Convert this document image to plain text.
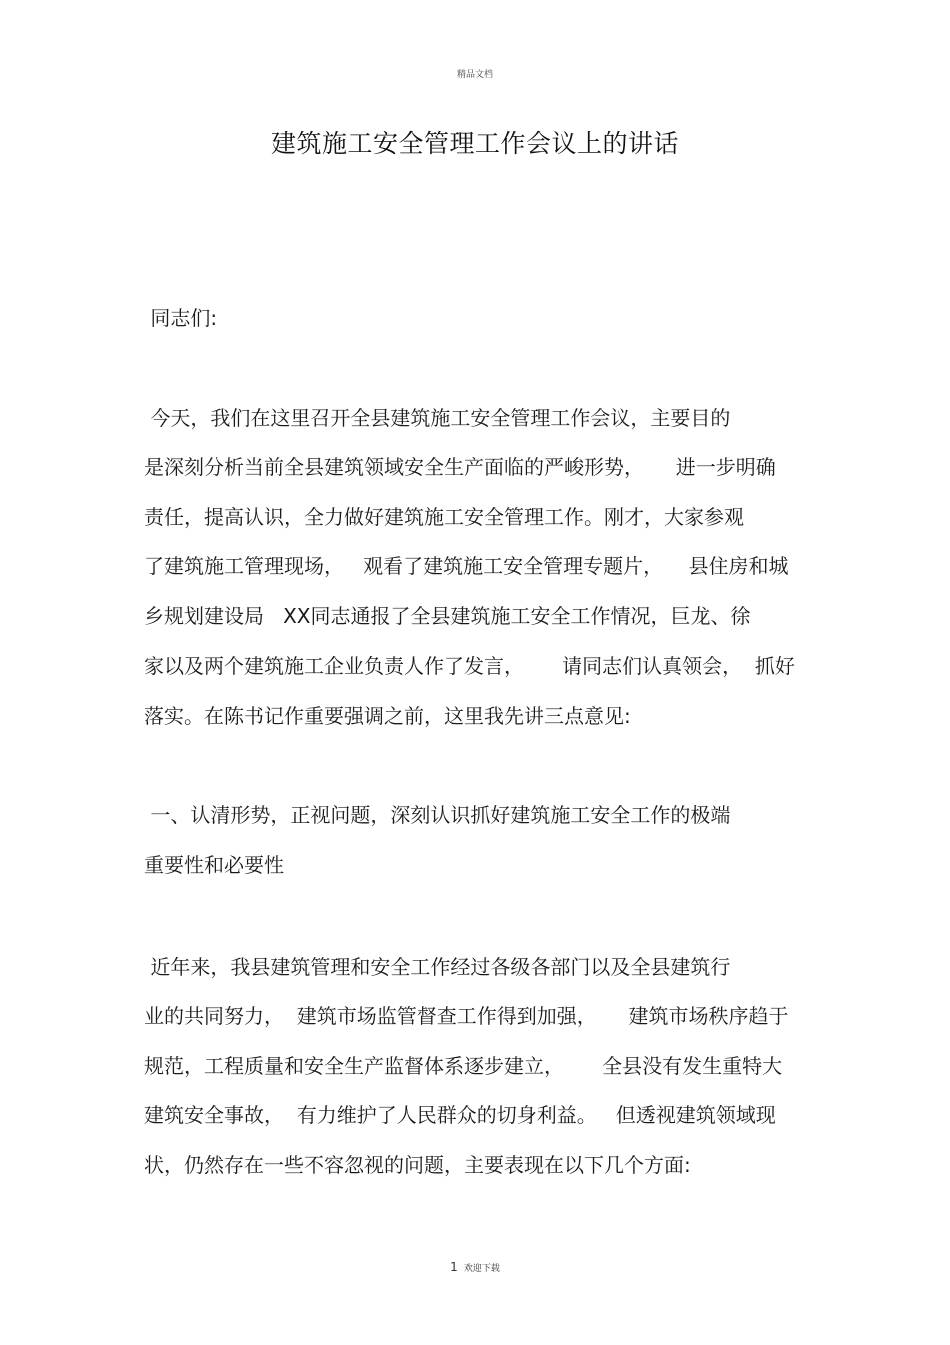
精品文档
建筑施工安全管理工作会议上的讲话
同志们:
今天，我们在这里召开全县建筑施工安全管理工作会议，主要目的
是深刻分析当前全县建筑领域安全生产面临的严峻形势，     进一步明确
责任，提高认识，全力做好建筑施工安全管理工作。刚才，大家参观
了建筑施工管理现场，   观看了建筑施工安全管理专题片，    县住房和城
乡规划建设局   XX同志通报了全县建筑施工安全工作情况，巨龙、徐
家以及两个建筑施工企业负责人作了发言，      请同志们认真领会，  抓好
落实。在陈书记作重要强调之前，这里我先讲三点意见:
一、认清形势，正视问题，深刻认识抓好建筑施工安全工作的极端
重要性和必要性
近年来，我县建筑管理和安全工作经过各级各部门以及全县建筑行
业的共同努力，  建筑市场监管督查工作得到加强，     建筑市场秩序趋于
规范，工程质量和安全生产监督体系逐步建立，      全县没有发生重特大
建筑安全事故，  有力维护了人民群众的切身利益。   但透视建筑领域现
状，仍然存在一些不容忽视的问题，主要表现在以下几个方面:
1 欢迎下载
